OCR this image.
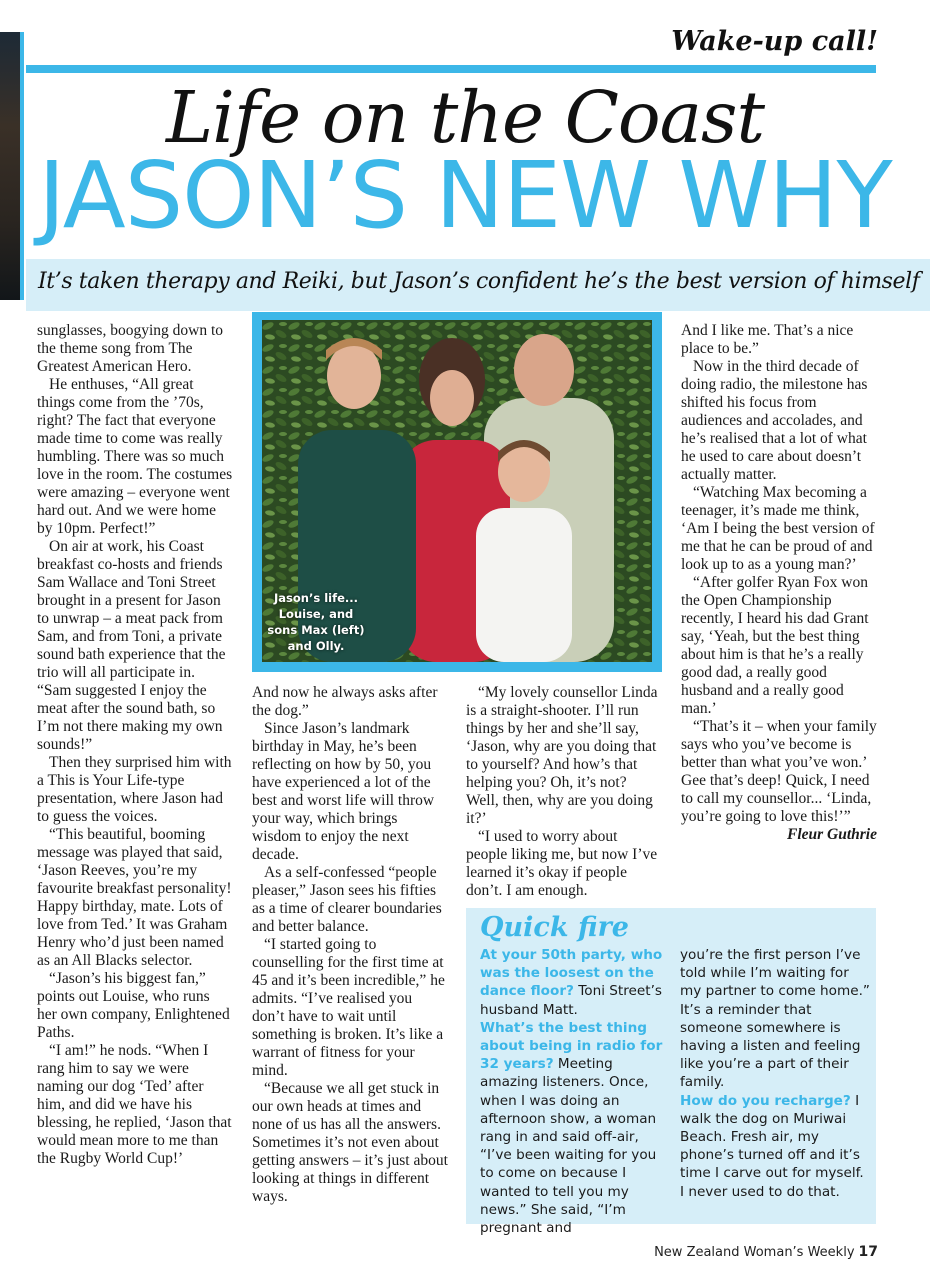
Wake-up call!
Life on the Coast
JASON’S NEW WHY
It’s taken therapy and Reiki, but Jason’s confident he’s the best version of himself

sunglasses, boogying down to the theme song from The Greatest American Hero.

He enthuses, “All great things come from the ’70s, right? The fact that everyone made time to come was really humbling. There was so much love in the room. The costumes were amazing – everyone went hard out. And we were home by 10pm. Perfect!”

On air at work, his Coast breakfast co-hosts and friends Sam Wallace and Toni Street brought in a present for Jason to unwrap – a meat pack from Sam, and from Toni, a private sound bath experience that the trio will all participate in. “Sam suggested I enjoy the meat after the sound bath, so I’m not there making my own sounds!”

Then they surprised him with a This is Your Life-type presentation, where Jason had to guess the voices.

“This beautiful, booming message was played that said, ‘Jason Reeves, you’re my favourite breakfast personality! Happy birthday, mate. Lots of love from Ted.’ It was Graham Henry who’d just been named as an All Blacks selector.

“Jason’s his biggest fan,” points out Louise, who runs her own company, Enlightened Paths.

“I am!” he nods. “When I rang him to say we were naming our dog ‘Ted’ after him, and did we have his blessing, he replied, ‘Jason that would mean more to me than the Rugby World Cup!’

Jason’s life... Louise, and sons Max (left) and Olly.

And now he always asks after the dog.”

Since Jason’s landmark birthday in May, he’s been reflecting on how by 50, you have experienced a lot of the best and worst life will throw your way, which brings wisdom to enjoy the next decade.

As a self-confessed “people pleaser,” Jason sees his fifties as a time of clearer boundaries and better balance.

“I started going to counselling for the first time at 45 and it’s been incredible,” he admits. “I’ve realised you don’t have to wait until something is broken. It’s like a warrant of fitness for your mind.

“Because we all get stuck in our own heads at times and none of us has all the answers. Sometimes it’s not even about getting answers – it’s just about looking at things in different ways.

“My lovely counsellor Linda is a straight-shooter. I’ll run things by her and she’ll say, ‘Jason, why are you doing that to yourself? And how’s that helping you? Oh, it’s not? Well, then, why are you doing it?’

“I used to worry about people liking me, but now I’ve learned it’s okay if people don’t. I am enough.

And I like me. That’s a nice place to be.”

Now in the third decade of doing radio, the milestone has shifted his focus from audiences and accolades, and he’s realised that a lot of what he used to care about doesn’t actually matter.

“Watching Max becoming a teenager, it’s made me think, ‘Am I being the best version of me that he can be proud of and look up to as a young man?’

“After golfer Ryan Fox won the Open Championship recently, I heard his dad Grant say, ‘Yeah, but the best thing about him is that he’s a really good dad, a really good husband and a really good man.’

“That’s it – when your family says who you’ve become is better than what you’ve won.’ Gee that’s deep! Quick, I need to call my counsellor... ‘Linda, you’re going to love this!’”

Fleur Guthrie
Quick fire
At your 50th party, who was the loosest on the dance floor? Toni Street’s husband Matt.
What’s the best thing about being in radio for 32 years? Meeting amazing listeners. Once, when I was doing an afternoon show, a woman rang in and said off-air, “I’ve been waiting for you to come on because I wanted to tell you my news.” She said, “I’m pregnant and
you’re the first person I’ve told while I’m waiting for my partner to come home.” It’s a reminder that someone somewhere is having a listen and feeling like you’re a part of their family.
How do you recharge? I walk the dog on Muriwai Beach. Fresh air, my phone’s turned off and it’s time I carve out for myself. I never used to do that.
New Zealand Woman’s Weekly 17
